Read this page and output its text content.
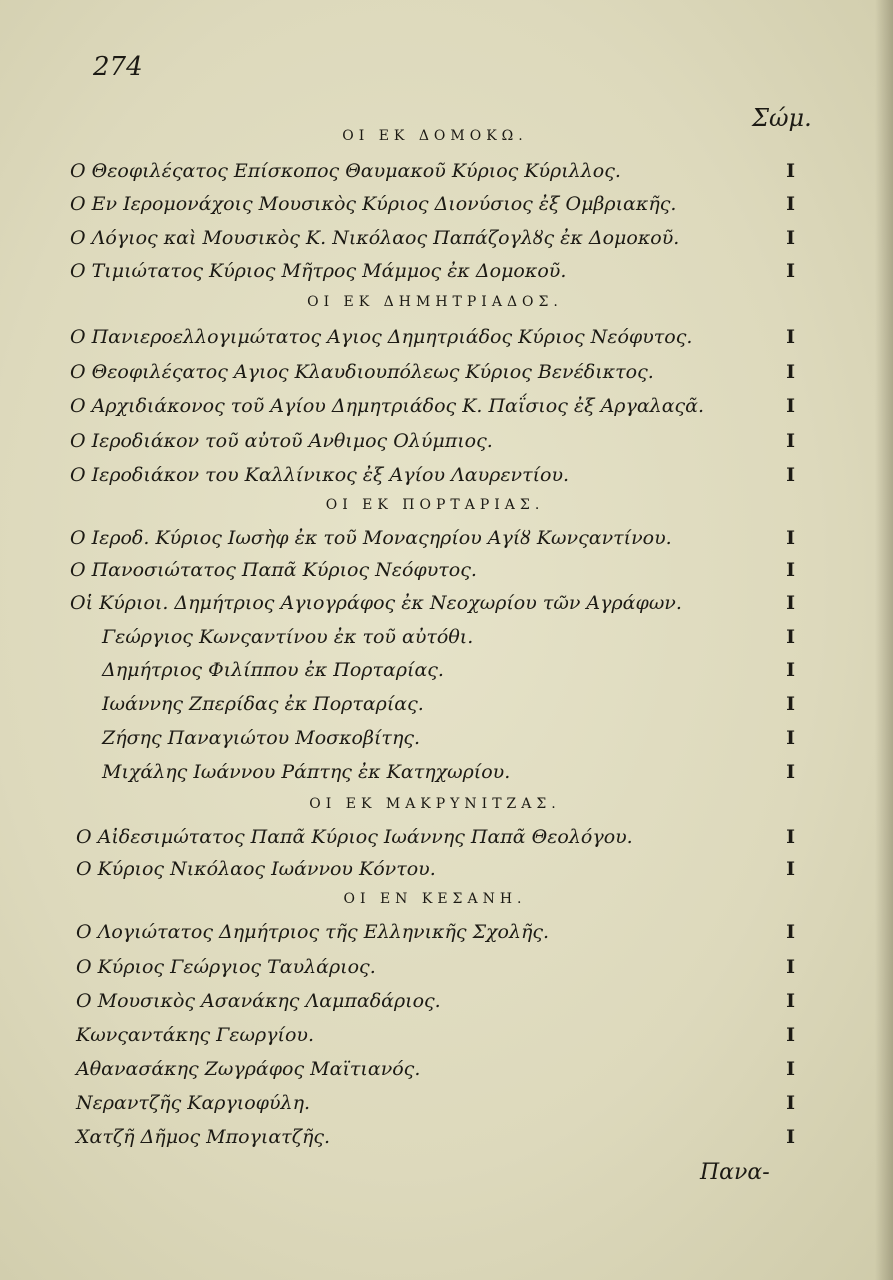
274
Σώμ.
ΟΙ ΕΚ ΔΟΜΟΚΩ.
Ο Θεοφιλέςατος Επίσκοπος Θαυμακοῦ Κύριος Κύριλλος.	I
Ο Εν Ιερομονάχοις Μουσικὸς Κύριος Διονύσιος ἐξ Ομβριακῆς.	I
Ο Λόγιος καὶ Μουσικὸς Κ. Νικόλαος Παπάζογλȣς ἐκ Δομοκοῦ.	I
Ο Τιμιώτατος Κύριος Μῆτρος Μάμμος ἐκ Δομοκοῦ.	I
ΟΙ ΕΚ ΔΗΜΗΤΡΙΑΔΟΣ.
Ο Πανιεροελλογιμώτατος Αγιος Δημητριάδος Κύριος Νεόφυτος.	I
Ο Θεοφιλέςατος Αγιος Κλαυδιουπόλεως Κύριος Βενέδικτος.	I
Ο Αρχιδιάκονος τοῦ Αγίου Δημητριάδος Κ. Παΐσιος ἐξ Αργαλαςᾶ.	I
Ο Ιεροδιάκον τοῦ αὐτοῦ Ανθιμος Ολύμπιος.	I
Ο Ιεροδιάκον του Καλλίνικος ἐξ Αγίου Λαυρεντίου.	I
ΟΙ ΕΚ ΠΟΡΤΑΡΙΑΣ.
Ο Ιεροδ. Κύριος Ιωσὴφ ἐκ τοῦ Μοναςηρίου Αγίȣ Κωνςαντίνου.	I
Ο Πανοσιώτατος Παπᾶ Κύριος Νεόφυτος.	I
Οἱ Κύριοι. Δημήτριος Αγιογράφος ἐκ Νεοχωρίου τῶν Αγράφων.	I
Γεώργιος Κωνςαντίνου ἐκ τοῦ αὐτόθι.	I
Δημήτριος Φιλίππου ἐκ Πορταρίας.	I
Ιωάννης Ζπερίδας ἐκ Πορταρίας.	I
Ζήσης Παναγιώτου Μοσκοβίτης.	I
Μιχάλης Ιωάννου Ράπτης ἐκ Κατηχωρίου.	I
ΟΙ ΕΚ ΜΑΚΡΥΝΙΤΖΑΣ.
Ο Αἰδεσιμώτατος Παπᾶ Κύριος Ιωάννης Παπᾶ Θεολόγου.	I
Ο Κύριος Νικόλαος Ιωάννου Κόντου.	I
ΟΙ ΕΝ ΚΕΣΑΝΗ.
Ο Λογιώτατος Δημήτριος τῆς Ελληνικῆς Σχολῆς.	I
Ο Κύριος Γεώργιος Ταυλάριος.	I
Ο Μουσικὸς Ασανάκης Λαμπαδάριος.	I
Κωνςαντάκης Γεωργίου.	I
Αθανασάκης Ζωγράφος Μαϊτιανός.	I
Νεραντζῆς Καργιοφύλη.	I
Χατζῆ Δῆμος Μπογιατζῆς.	I
Πανα-
